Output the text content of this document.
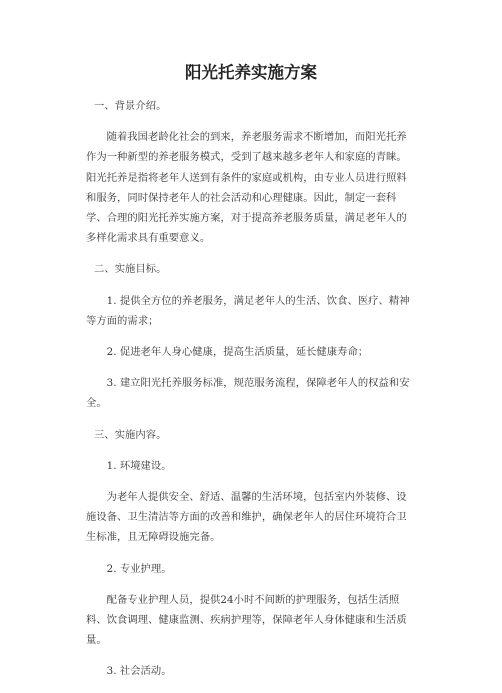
阳光托养实施方案

一、背景介绍。

随着我国老龄化社会的到来，养老服务需求不断增加，而阳光托养作为一种新型的养老服务模式，受到了越来越多老年人和家庭的青睐。阳光托养是指将老年人送到有条件的家庭或机构，由专业人员进行照料和服务，同时保持老年人的社会活动和心理健康。因此，制定一套科学、合理的阳光托养实施方案，对于提高养老服务质量，满足老年人的多样化需求具有重要意义。

二、实施目标。

1. 提供全方位的养老服务，满足老年人的生活、饮食、医疗、精神等方面的需求；

2. 促进老年人身心健康，提高生活质量，延长健康寿命；

3. 建立阳光托养服务标准，规范服务流程，保障老年人的权益和安全。

三、实施内容。

1. 环境建设。

为老年人提供安全、舒适、温馨的生活环境，包括室内外装修、设施设备、卫生清洁等方面的改善和维护，确保老年人的居住环境符合卫生标准，且无障碍设施完备。

2. 专业护理。

配备专业护理人员，提供24小时不间断的护理服务，包括生活照料、饮食调理、健康监测、疾病护理等，保障老年人身体健康和生活质量。

3. 社会活动。
